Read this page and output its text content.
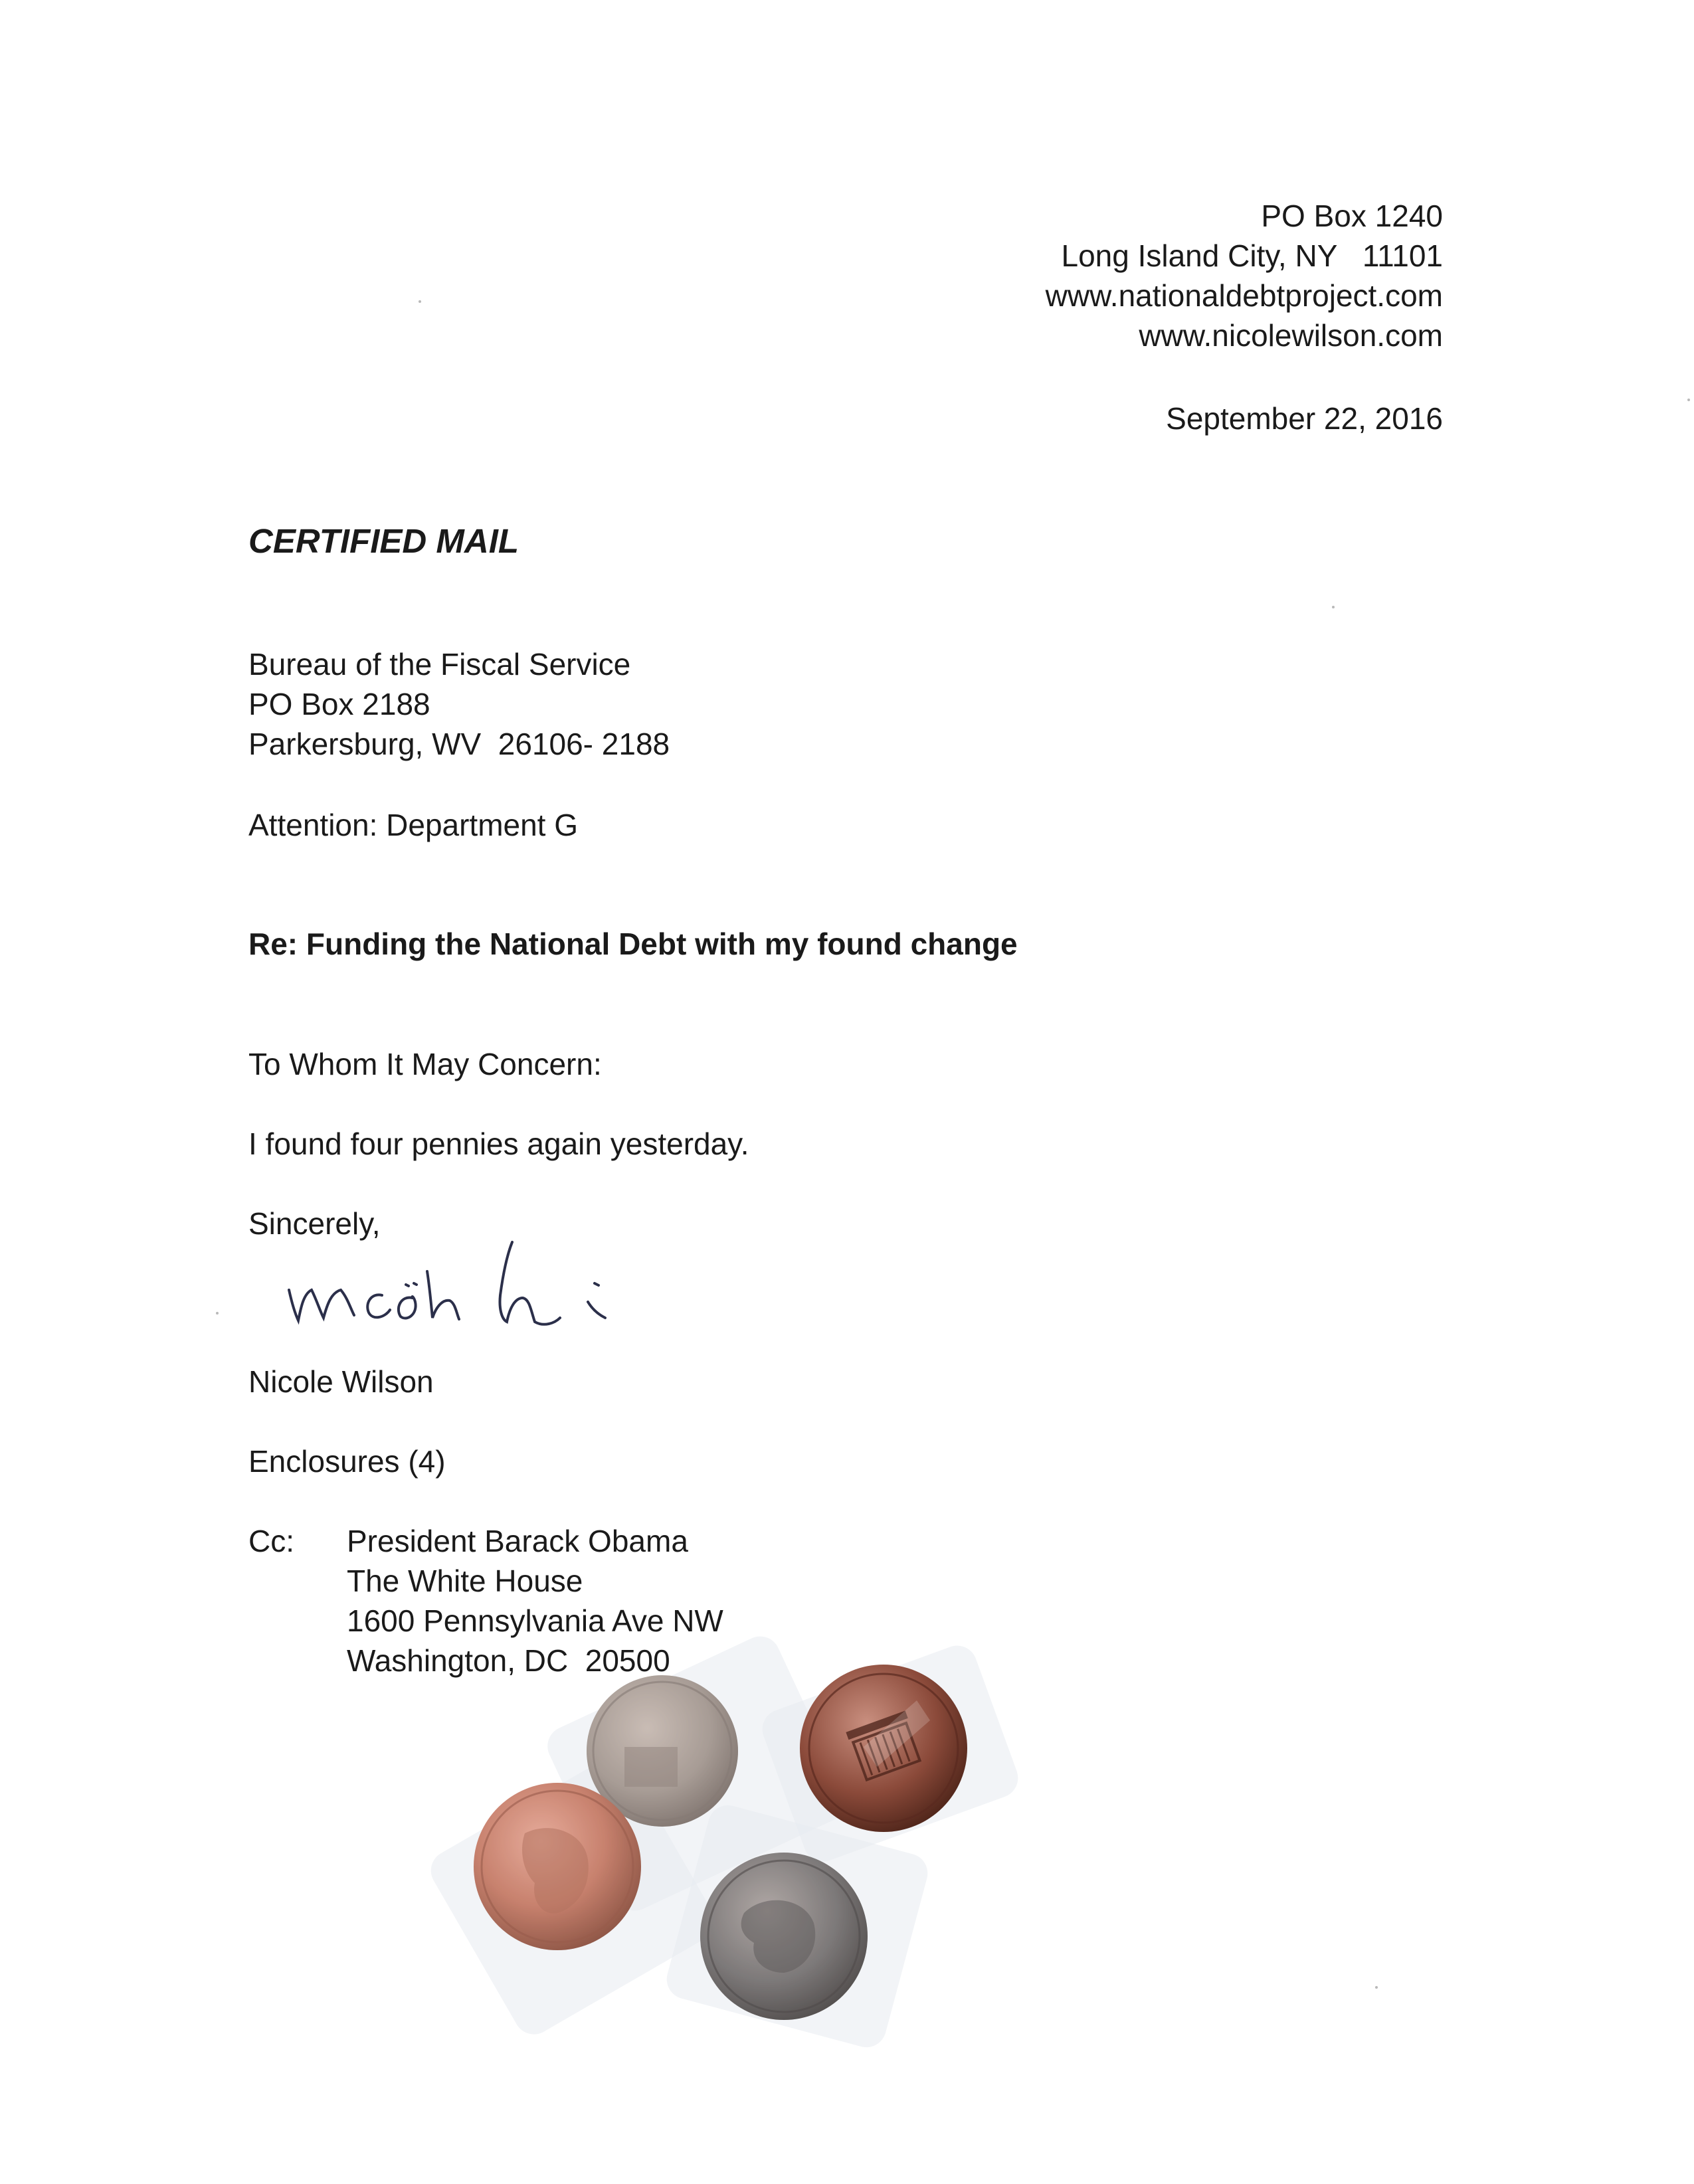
PO Box 1240
Long Island City, NY   11101
www.nationaldebtproject.com
www.nicolewilson.com
September 22, 2016
CERTIFIED MAIL
Bureau of the Fiscal Service
PO Box 2188
Parkersburg, WV  26106- 2188
Attention: Department G
Re: Funding the National Debt with my found change
To Whom It May Concern:
I found four pennies again yesterday.
Sincerely,
Nicole Wilson
Enclosures (4)
Cc: President Barack Obama
The White House
1600 Pennsylvania Ave NW
Washington, DC  20500
